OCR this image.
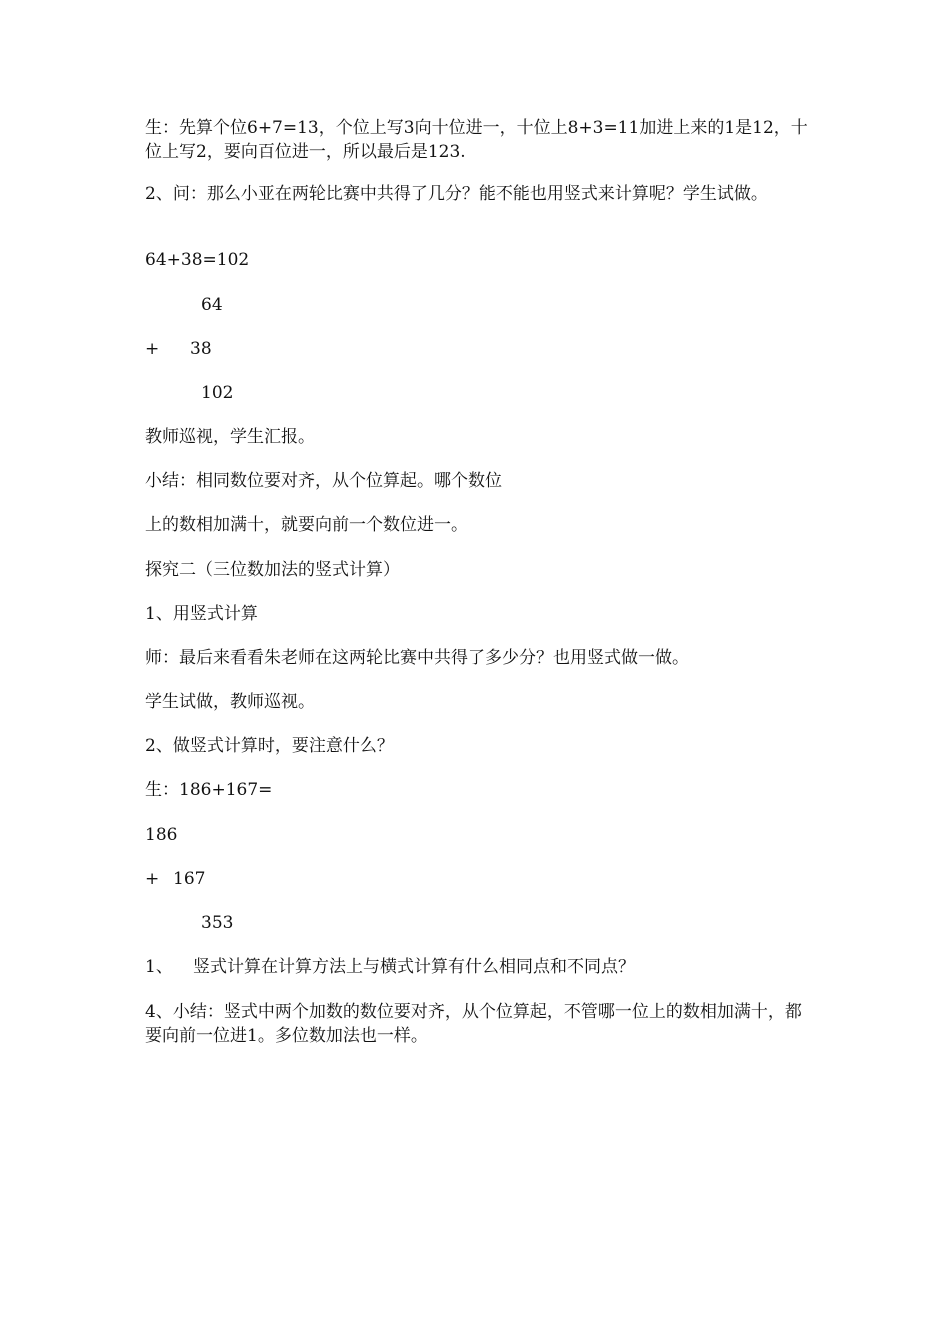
生：先算个位6+7=13，个位上写3向十位进一，十位上8+3=11加进上来的1是12，十位上写2，要向百位进一，所以最后是123.

2、问：那么小亚在两轮比赛中共得了几分？能不能也用竖式来计算呢？学生试做。

64+38=102

64

+	38

102

教师巡视，学生汇报。

小结：相同数位要对齐，从个位算起。哪个数位

上的数相加满十，就要向前一个数位进一。

探究二（三位数加法的竖式计算）

1、用竖式计算

师：最后来看看朱老师在这两轮比赛中共得了多少分？也用竖式做一做。

学生试做，教师巡视。

2、做竖式计算时，要注意什么？

生：186+167=

186

+ 167

353

1、	竖式计算在计算方法上与横式计算有什么相同点和不同点？

4、小结：竖式中两个加数的数位要对齐，从个位算起，不管哪一位上的数相加满十，都要向前一位进1。多位数加法也一样。
